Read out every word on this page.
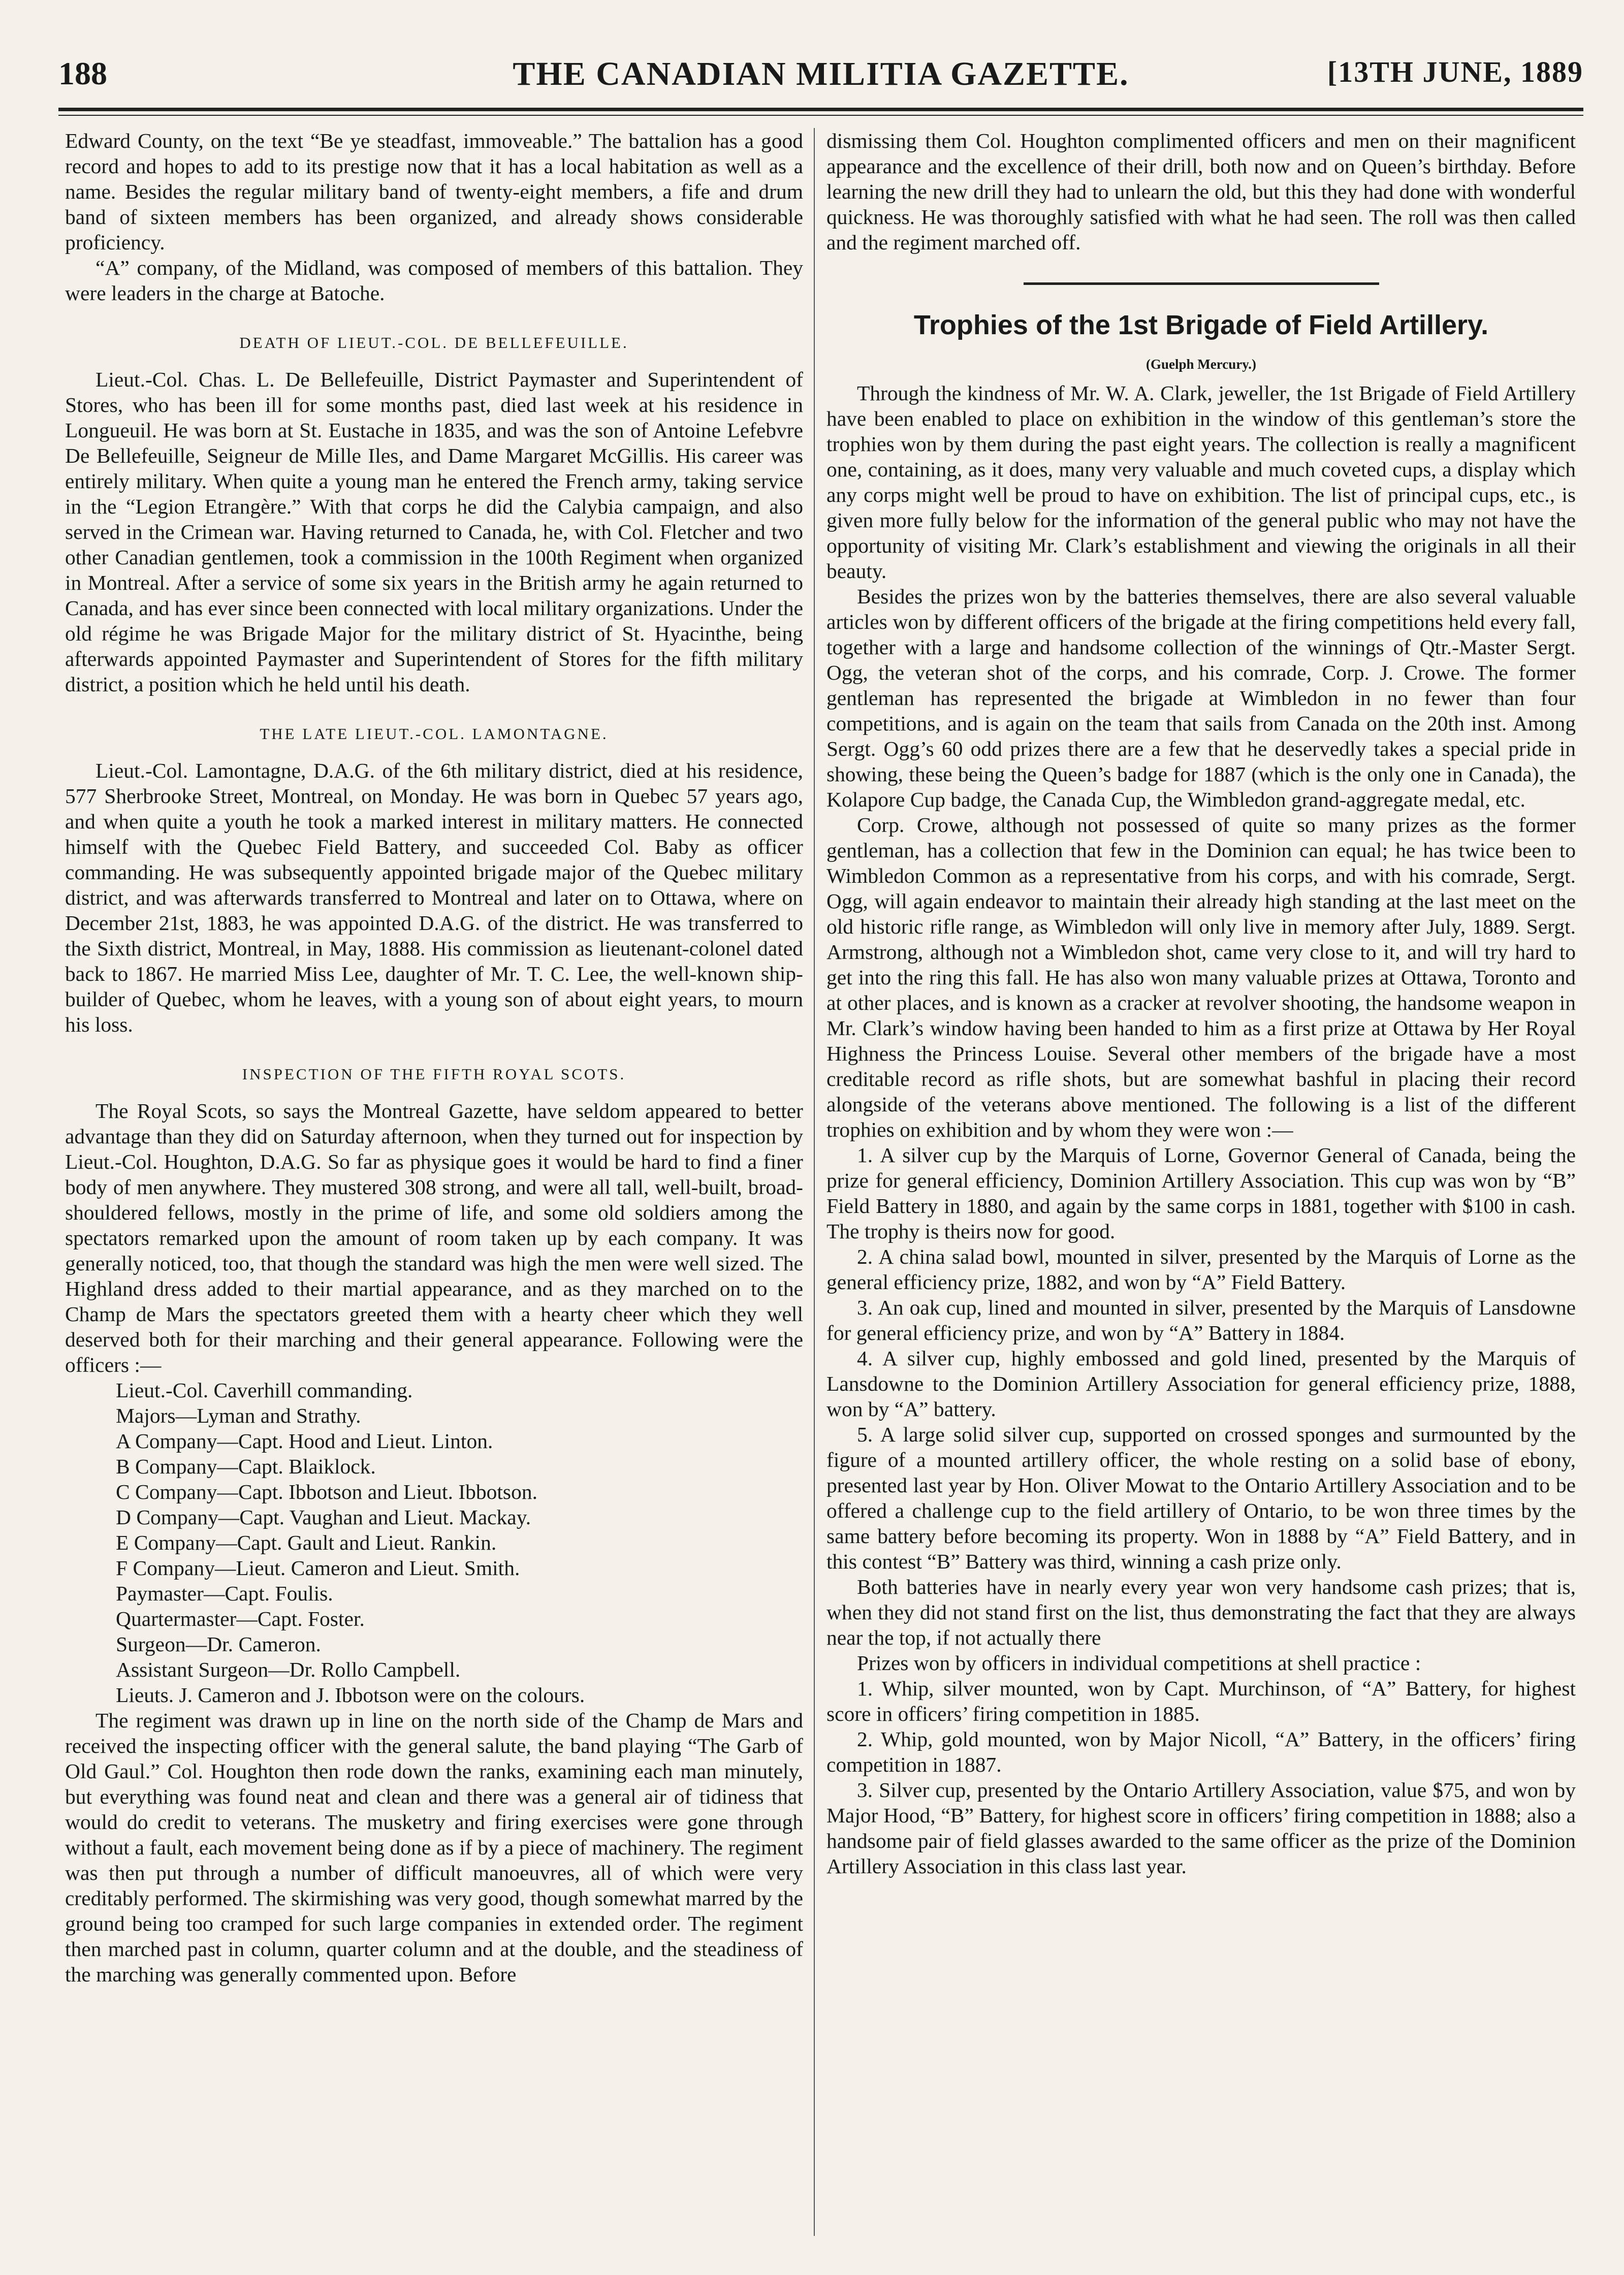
188	THE CANADIAN MILITIA GAZETTE.	[13TH JUNE, 1889

Edward County, on the text “Be ye steadfast, immoveable.” The battalion has a good record and hopes to add to its prestige now that it has a local habitation as well as a name. Besides the regular military band of twenty-eight members, a fife and drum band of sixteen members has been organized, and already shows considerable proficiency.

“A” company, of the Midland, was composed of members of this battalion. They were leaders in the charge at Batoche.

DEATH OF LIEUT.-COL. DE BELLEFEUILLE.

Lieut.-Col. Chas. L. De Bellefeuille, District Paymaster and Superintendent of Stores, who has been ill for some months past, died last week at his residence in Longueuil. He was born at St. Eustache in 1835, and was the son of Antoine Lefebvre De Bellefeuille, Seigneur de Mille Iles, and Dame Margaret McGillis. His career was entirely military. When quite a young man he entered the French army, taking service in the “Legion Etrangère.” With that corps he did the Calybia campaign, and also served in the Crimean war. Having returned to Canada, he, with Col. Fletcher and two other Canadian gentlemen, took a commission in the 100th Regiment when organized in Montreal. After a service of some six years in the British army he again returned to Canada, and has ever since been connected with local military organizations. Under the old régime he was Brigade Major for the military district of St. Hyacinthe, being afterwards appointed Paymaster and Superintendent of Stores for the fifth military district, a position which he held until his death.

THE LATE LIEUT.-COL. LAMONTAGNE.

Lieut.-Col. Lamontagne, D.A.G. of the 6th military district, died at his residence, 577 Sherbrooke Street, Montreal, on Monday. He was born in Quebec 57 years ago, and when quite a youth he took a marked interest in military matters. He connected himself with the Quebec Field Battery, and succeeded Col. Baby as officer commanding. He was subsequently appointed brigade major of the Quebec military district, and was afterwards transferred to Montreal and later on to Ottawa, where on December 21st, 1883, he was appointed D.A.G. of the district. He was transferred to the Sixth district, Montreal, in May, 1888. His commission as lieutenant-colonel dated back to 1867. He married Miss Lee, daughter of Mr. T. C. Lee, the well-known ship-builder of Quebec, whom he leaves, with a young son of about eight years, to mourn his loss.

INSPECTION OF THE FIFTH ROYAL SCOTS.

The Royal Scots, so says the Montreal Gazette, have seldom appeared to better advantage than they did on Saturday afternoon, when they turned out for inspection by Lieut.-Col. Houghton, D.A.G. So far as physique goes it would be hard to find a finer body of men anywhere. They mustered 308 strong, and were all tall, well-built, broad-shouldered fellows, mostly in the prime of life, and some old soldiers among the spectators remarked upon the amount of room taken up by each company. It was generally noticed, too, that though the standard was high the men were well sized. The Highland dress added to their martial appearance, and as they marched on to the Champ de Mars the spectators greeted them with a hearty cheer which they well deserved both for their marching and their general appearance. Following were the officers :—

Lieut.-Col. Caverhill commanding.
Majors—Lyman and Strathy.
A Company—Capt. Hood and Lieut. Linton.
B Company—Capt. Blaiklock.
C Company—Capt. Ibbotson and Lieut. Ibbotson.
D Company—Capt. Vaughan and Lieut. Mackay.
E Company—Capt. Gault and Lieut. Rankin.
F Company—Lieut. Cameron and Lieut. Smith.
Paymaster—Capt. Foulis.
Quartermaster—Capt. Foster.
Surgeon—Dr. Cameron.
Assistant Surgeon—Dr. Rollo Campbell.
Lieuts. J. Cameron and J. Ibbotson were on the colours.

The regiment was drawn up in line on the north side of the Champ de Mars and received the inspecting officer with the general salute, the band playing “The Garb of Old Gaul.” Col. Houghton then rode down the ranks, examining each man minutely, but everything was found neat and clean and there was a general air of tidiness that would do credit to veterans. The musketry and firing exercises were gone through without a fault, each movement being done as if by a piece of machinery. The regiment was then put through a number of difficult manoeuvres, all of which were very creditably performed. The skirmishing was very good, though somewhat marred by the ground being too cramped for such large companies in extended order. The regiment then marched past in column, quarter column and at the double, and the steadiness of the marching was generally commented upon. Before

dismissing them Col. Houghton complimented officers and men on their magnificent appearance and the excellence of their drill, both now and on Queen’s birthday. Before learning the new drill they had to unlearn the old, but this they had done with wonderful quickness. He was thoroughly satisfied with what he had seen. The roll was then called and the regiment marched off.

Trophies of the 1st Brigade of Field Artillery.
(Guelph Mercury.)

Through the kindness of Mr. W. A. Clark, jeweller, the 1st Brigade of Field Artillery have been enabled to place on exhibition in the window of this gentleman’s store the trophies won by them during the past eight years. The collection is really a magnificent one, containing, as it does, many very valuable and much coveted cups, a display which any corps might well be proud to have on exhibition. The list of principal cups, etc., is given more fully below for the information of the general public who may not have the opportunity of visiting Mr. Clark’s establishment and viewing the originals in all their beauty.

Besides the prizes won by the batteries themselves, there are also several valuable articles won by different officers of the brigade at the firing competitions held every fall, together with a large and handsome collection of the winnings of Qtr.-Master Sergt. Ogg, the veteran shot of the corps, and his comrade, Corp. J. Crowe. The former gentleman has represented the brigade at Wimbledon in no fewer than four competitions, and is again on the team that sails from Canada on the 20th inst. Among Sergt. Ogg’s 60 odd prizes there are a few that he deservedly takes a special pride in showing, these being the Queen’s badge for 1887 (which is the only one in Canada), the Kolapore Cup badge, the Canada Cup, the Wimbledon grand-aggregate medal, etc.

Corp. Crowe, although not possessed of quite so many prizes as the former gentleman, has a collection that few in the Dominion can equal; he has twice been to Wimbledon Common as a representative from his corps, and with his comrade, Sergt. Ogg, will again endeavor to maintain their already high standing at the last meet on the old historic rifle range, as Wimbledon will only live in memory after July, 1889. Sergt. Armstrong, although not a Wimbledon shot, came very close to it, and will try hard to get into the ring this fall. He has also won many valuable prizes at Ottawa, Toronto and at other places, and is known as a cracker at revolver shooting, the handsome weapon in Mr. Clark’s window having been handed to him as a first prize at Ottawa by Her Royal Highness the Princess Louise. Several other members of the brigade have a most creditable record as rifle shots, but are somewhat bashful in placing their record alongside of the veterans above mentioned. The following is a list of the different trophies on exhibition and by whom they were won :—

1. A silver cup by the Marquis of Lorne, Governor General of Canada, being the prize for general efficiency, Dominion Artillery Association. This cup was won by “B” Field Battery in 1880, and again by the same corps in 1881, together with $100 in cash. The trophy is theirs now for good.

2. A china salad bowl, mounted in silver, presented by the Marquis of Lorne as the general efficiency prize, 1882, and won by “A” Field Battery.

3. An oak cup, lined and mounted in silver, presented by the Marquis of Lansdowne for general efficiency prize, and won by “A” Battery in 1884.

4. A silver cup, highly embossed and gold lined, presented by the Marquis of Lansdowne to the Dominion Artillery Association for general efficiency prize, 1888, won by “A” battery.

5. A large solid silver cup, supported on crossed sponges and surmounted by the figure of a mounted artillery officer, the whole resting on a solid base of ebony, presented last year by Hon. Oliver Mowat to the Ontario Artillery Association and to be offered a challenge cup to the field artillery of Ontario, to be won three times by the same battery before becoming its property. Won in 1888 by “A” Field Battery, and in this contest “B” Battery was third, winning a cash prize only.

Both batteries have in nearly every year won very handsome cash prizes; that is, when they did not stand first on the list, thus demonstrating the fact that they are always near the top, if not actually there

Prizes won by officers in individual competitions at shell practice :

1. Whip, silver mounted, won by Capt. Murchinson, of “A” Battery, for highest score in officers’ firing competition in 1885.

2. Whip, gold mounted, won by Major Nicoll, “A” Battery, in the officers’ firing competition in 1887.

3. Silver cup, presented by the Ontario Artillery Association, value $75, and won by Major Hood, “B” Battery, for highest score in officers’ firing competition in 1888; also a handsome pair of field glasses awarded to the same officer as the prize of the Dominion Artillery Association in this class last year.
